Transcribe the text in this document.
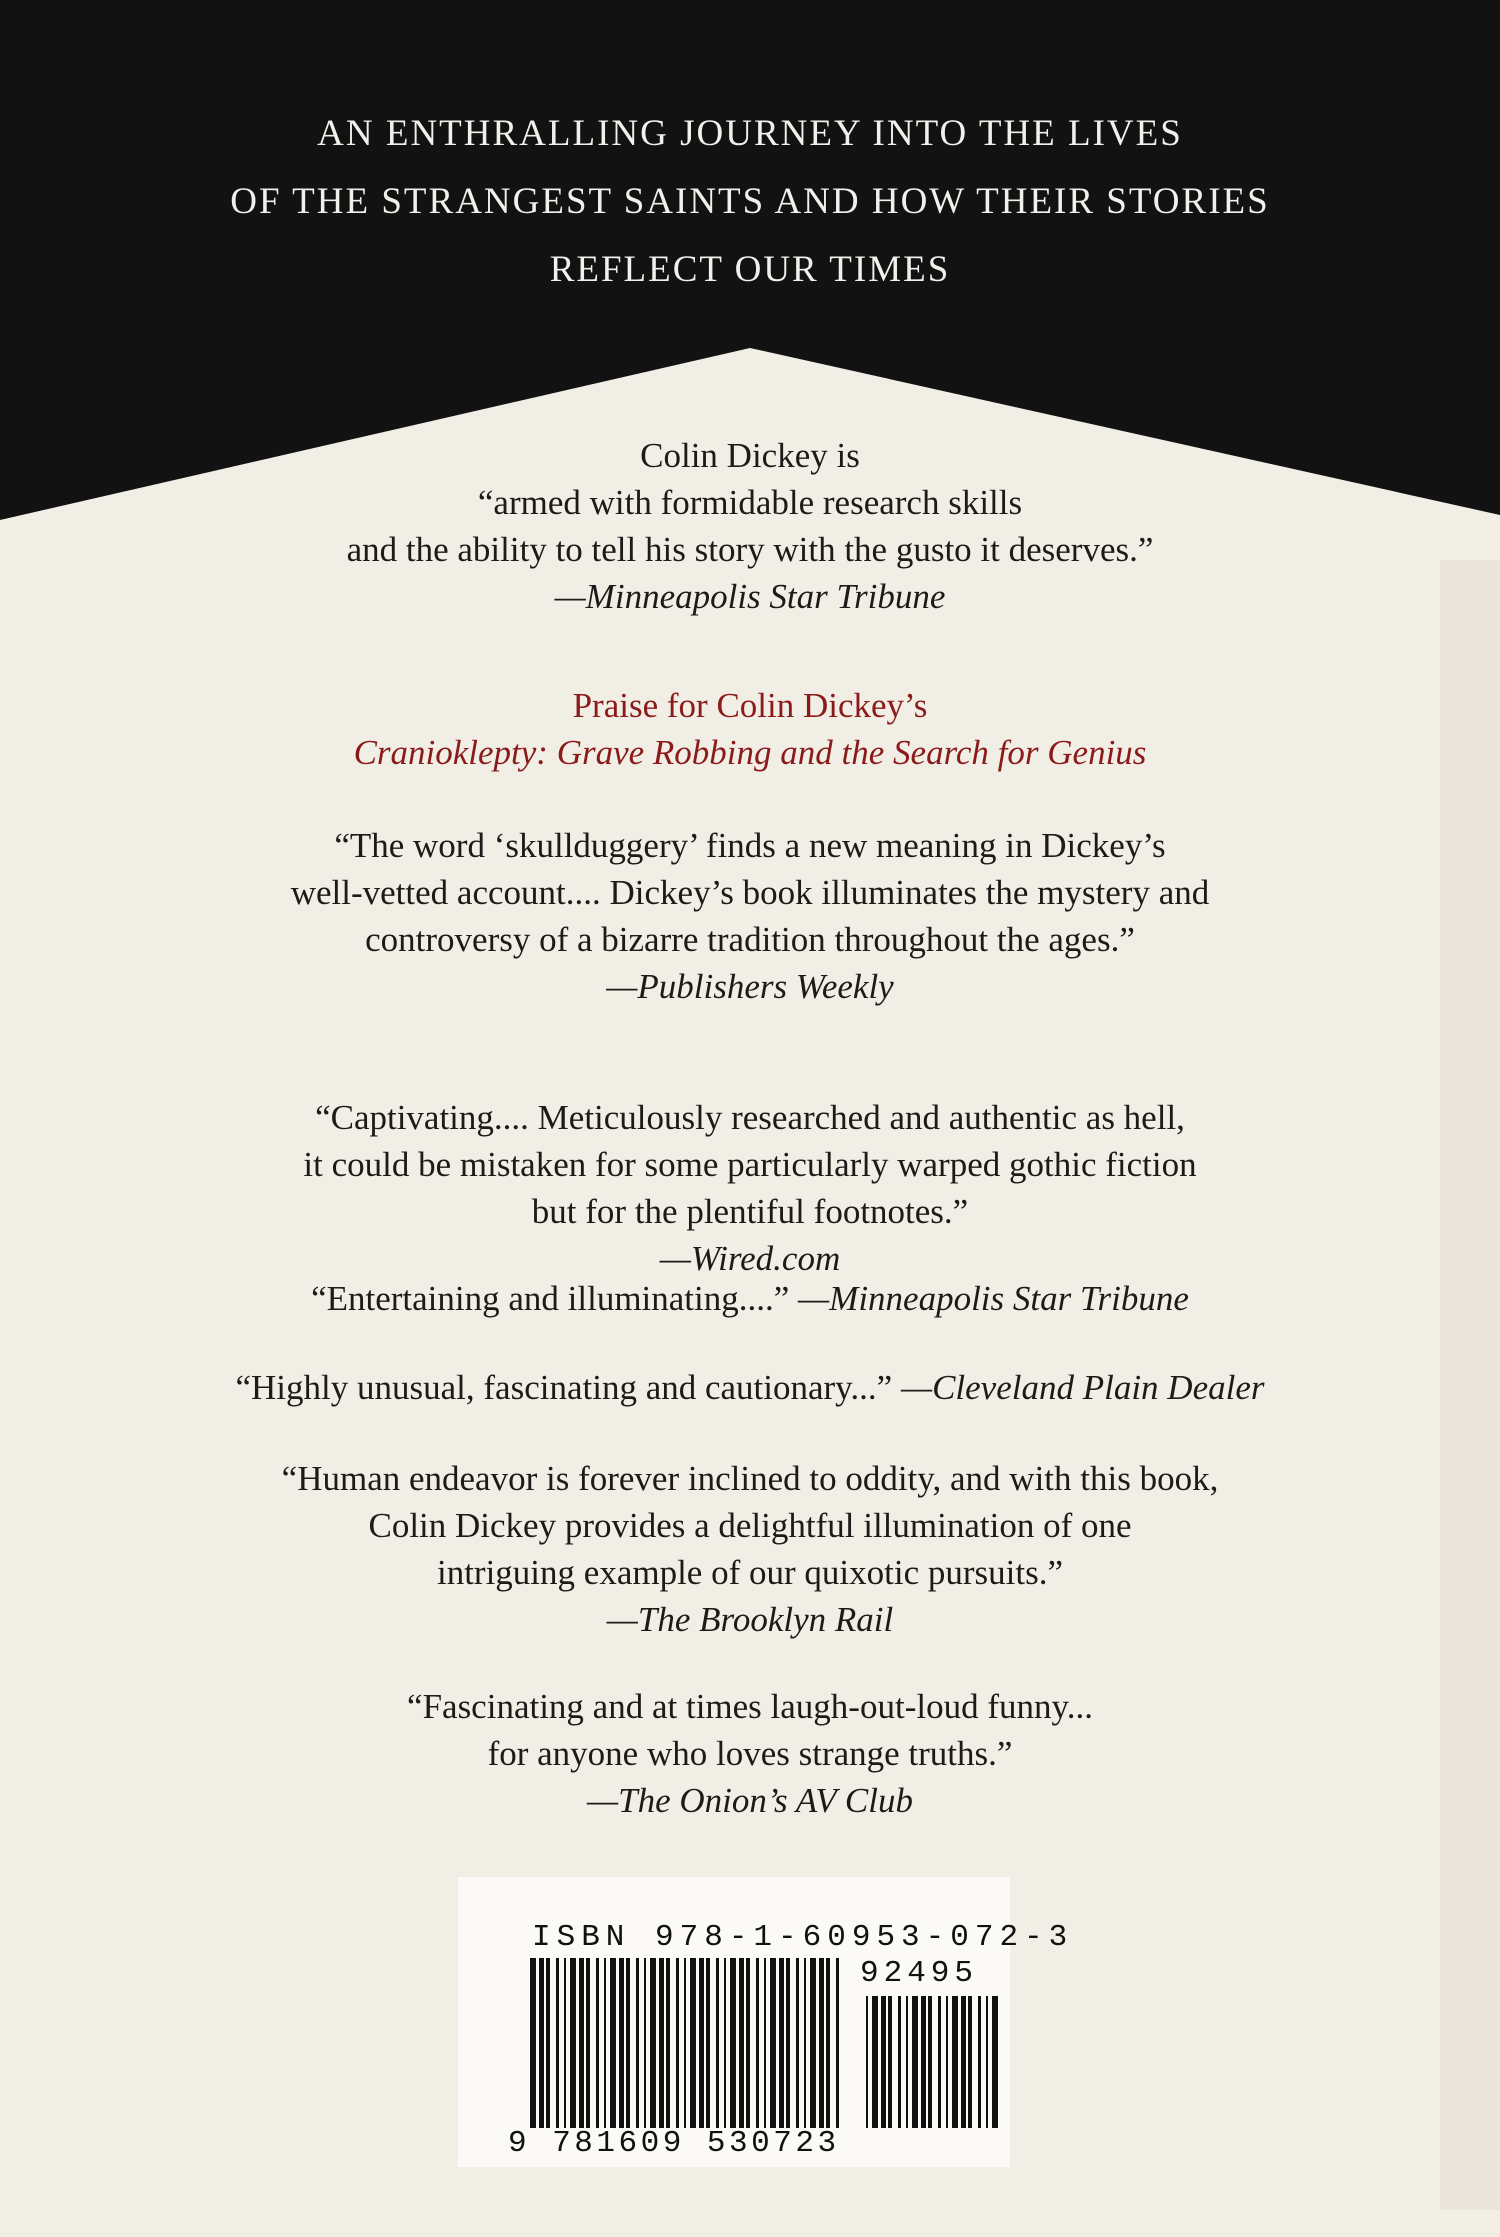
AN ENTHRALLING JOURNEY INTO THE LIVES
OF THE STRANGEST SAINTS AND HOW THEIR STORIES
REFLECT OUR TIMES
Colin Dickey is
“armed with formidable research skills
and the ability to tell his story with the gusto it deserves.”
—Minneapolis Star Tribune
Praise for Colin Dickey’s
Cranioklepty: Grave Robbing and the Search for Genius
“The word ‘skullduggery’ finds a new meaning in Dickey’s
well-vetted account.... Dickey’s book illuminates the mystery and
controversy of a bizarre tradition throughout the ages.”
—Publishers Weekly
“Captivating.... Meticulously researched and authentic as hell,
it could be mistaken for some particularly warped gothic fiction
but for the plentiful footnotes.”
—Wired.com
“Entertaining and illuminating....” —Minneapolis Star Tribune
“Highly unusual, fascinating and cautionary...” —Cleveland Plain Dealer
“Human endeavor is forever inclined to oddity, and with this book,
Colin Dickey provides a delightful illumination of one
intriguing example of our quixotic pursuits.”
—The Brooklyn Rail
“Fascinating and at times laugh-out-loud funny...
for anyone who loves strange truths.”
—The Onion’s AV Club
ISBN 978-1-60953-072-3
92495
9 781609 530723
